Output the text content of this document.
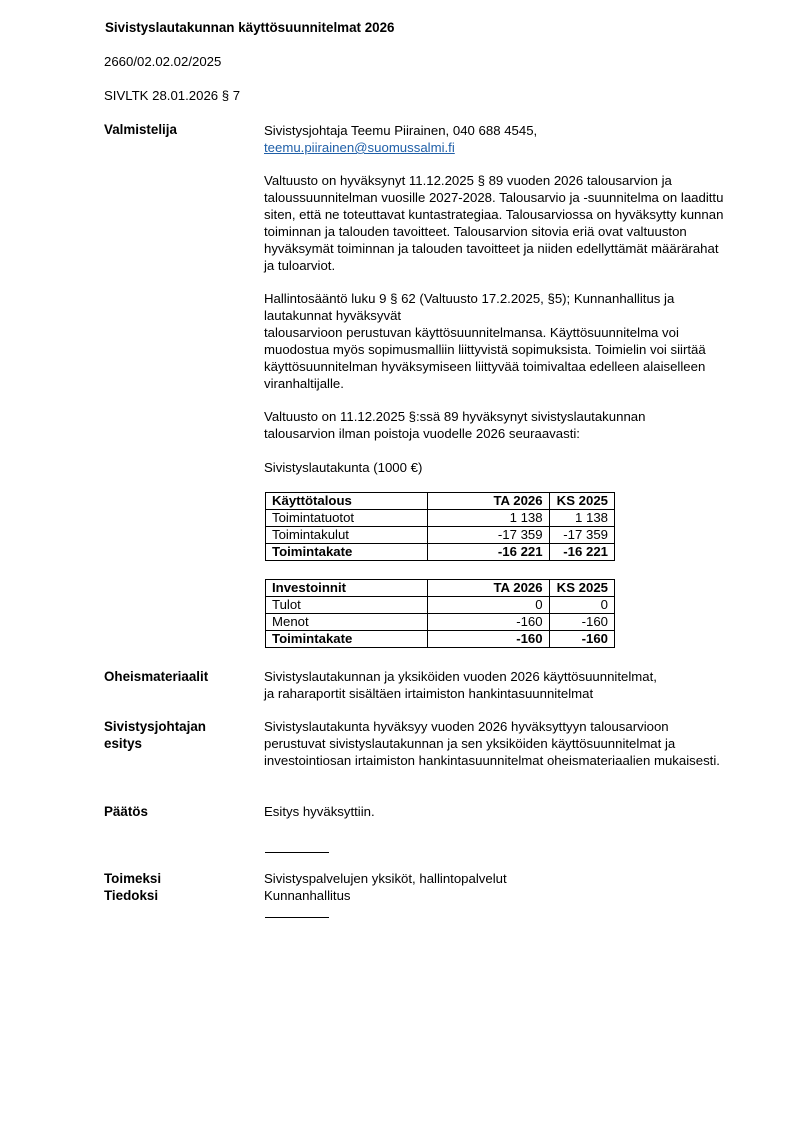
Sivistyslautakunnan käyttösuunnitelmat 2026
2660/02.02.02/2025
SIVLTK 28.01.2026 § 7
Valmistelija	Sivistysjohtaja Teemu Piirainen, 040 688 4545,
teemu.piirainen@suomussalmi.fi

Valtuusto on hyväksynyt 11.12.2025 § 89 vuoden 2026 talousarvion ja taloussuunnitelman vuosille 2027-2028. Talousarvio ja -suunnitelma on laadittu siten, että ne toteuttavat kuntastrategiaa. Talousarviossa on hyväksytty kunnan toiminnan ja talouden tavoitteet. Talousarvion sitovia eriä ovat valtuuston hyväksymät toiminnan ja talouden tavoitteet ja niiden edellyttämät määrärahat ja tuloarviot.

Hallintosääntö luku 9 § 62 (Valtuusto 17.2.2025, §5); Kunnanhallitus ja lautakunnat hyväksyvät

talousarvioon perustuvan käyttösuunnitelmansa. Käyttösuunnitelma voi muodostua myös sopimusmalliin liittyvistä sopimuksista. Toimielin voi siirtää käyttösuunnitelman hyväksymiseen liittyvää toimivaltaa edelleen alaiselleen viranhaltijalle.

Valtuusto on 11.12.2025 §:ssä 89 hyväksynyt sivistyslautakunnan talousarvion ilman poistoja vuodelle 2026 seuraavasti:

Sivistyslautakunta (1000 €)
Käyttötalous	TA 2026	KS 2025
Toimintatuotot	1 138	1 138
Toimintakulut	-17 359	-17 359
Toimintakate	-16 221	-16 221
Investoinnit	TA 2026	KS 2025
Tulot	0	0
Menot	-160	-160
Toimintakate	-160	-160
Oheismateriaalit	Sivistyslautakunnan ja yksiköiden vuoden 2026 käyttösuunnitelmat,
ja raharaportit sisältäen irtaimiston hankintasuunnitelmat
Sivistysjohtajan
esitys
Sivistyslautakunta hyväksyy vuoden 2026 hyväksyttyyn talousarvioon perustuvat sivistyslautakunnan ja sen yksiköiden käyttösuunnitelmat ja investointiosan irtaimiston hankintasuunnitelmat oheismateriaalien mukaisesti.
Päätös	Esitys hyväksyttiin.
Toimeksi
Tiedoksi
Sivistyspalvelujen yksiköt, hallintopalvelut
Kunnanhallitus
